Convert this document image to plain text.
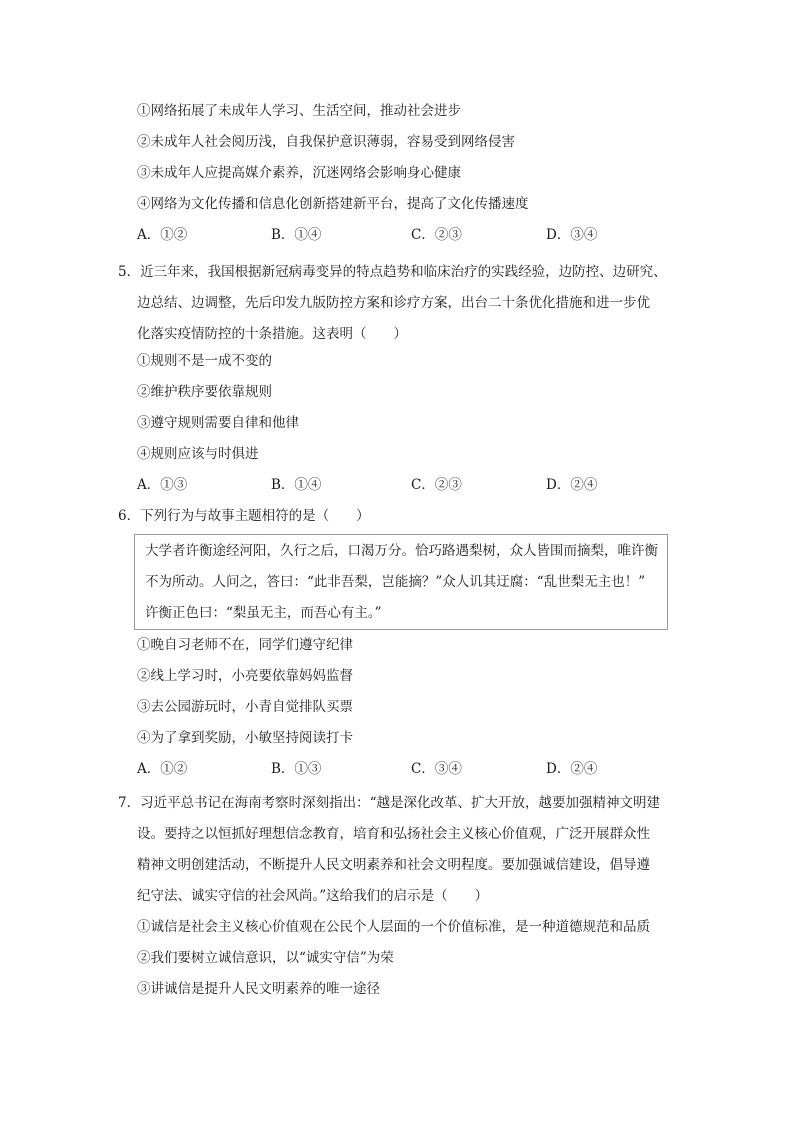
①网络拓展了未成年人学习、生活空间，推动社会进步
②未成年人社会阅历浅，自我保护意识薄弱，容易受到网络侵害
③未成年人应提高媒介素养，沉迷网络会影响身心健康
④网络为文化传播和信息化创新搭建新平台，提高了文化传播速度
A．①②	B．①④	C．②③	D．③④
5．近三年来，我国根据新冠病毒变异的特点趋势和临床治疗的实践经验，边防控、边研究、
边总结、边调整，先后印发九版防控方案和诊疗方案，出台二十条优化措施和进一步优
化落实疫情防控的十条措施。这表明（　　）
①规则不是一成不变的
②维护秩序要依靠规则
③遵守规则需要自律和他律
④规则应该与时俱进
A．①③	B．①④	C．②③	D．②④
6．下列行为与故事主题相符的是（　　）
大学者许衡途经河阳，久行之后，口渴万分。恰巧路遇梨树，众人皆围而摘梨，唯许衡
不为所动。人问之，答曰：“此非吾梨，岂能摘？”众人讥其迂腐：“乱世梨无主也！”
许衡正色曰：“梨虽无主，而吾心有主。”
①晚自习老师不在，同学们遵守纪律
②线上学习时，小亮要依靠妈妈监督
③去公园游玩时，小青自觉排队买票
④为了拿到奖励，小敏坚持阅读打卡
A．①②	B．①③	C．③④	D．②④
7．习近平总书记在海南考察时深刻指出：“越是深化改革、扩大开放，越要加强精神文明建
设。要持之以恒抓好理想信念教育，培育和弘扬社会主义核心价值观，广泛开展群众性
精神文明创建活动，不断提升人民文明素养和社会文明程度。要加强诚信建设，倡导遵
纪守法、诚实守信的社会风尚。”这给我们的启示是（　　）
①诚信是社会主义核心价值观在公民个人层面的一个价值标准，是一种道德规范和品质
②我们要树立诚信意识，以“诚实守信”为荣
③讲诚信是提升人民文明素养的唯一途径
